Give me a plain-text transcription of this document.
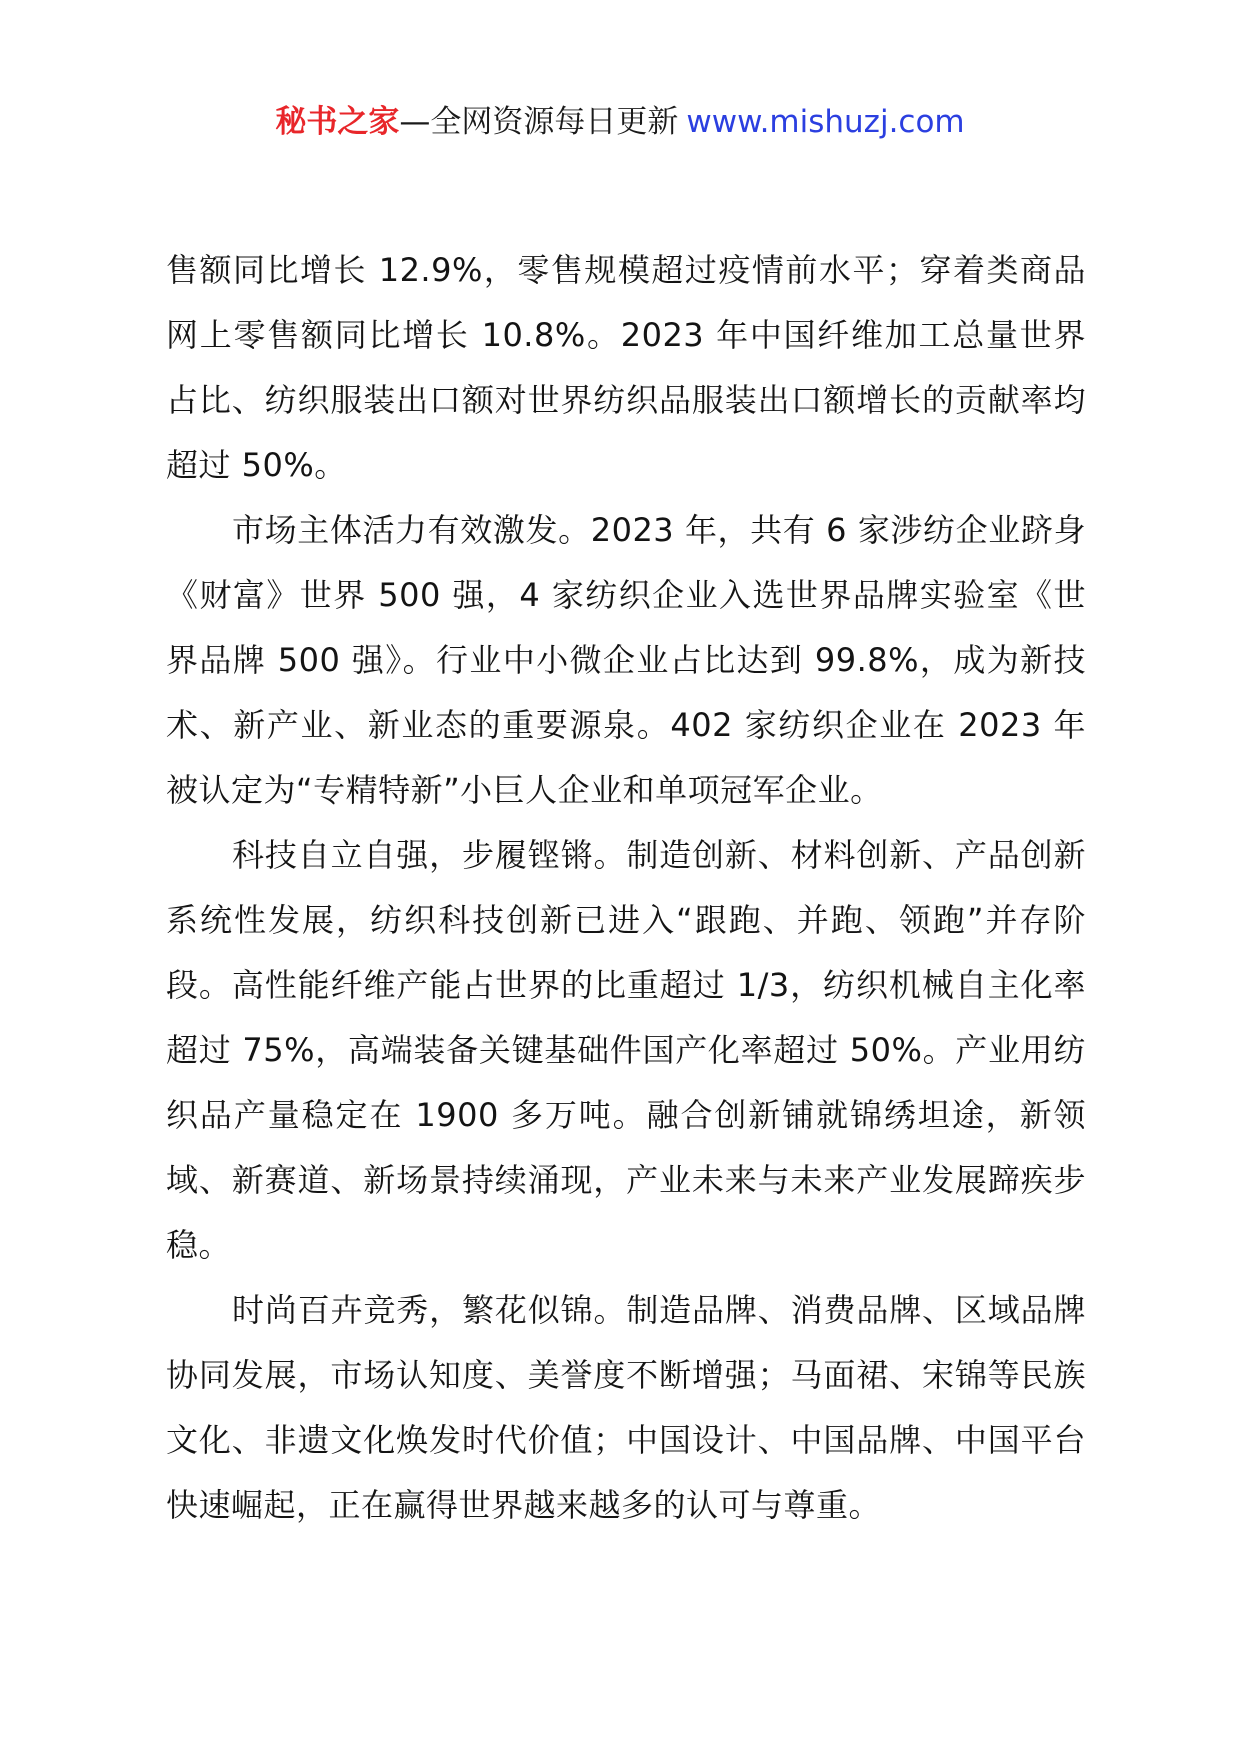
秘书之家—全网资源每日更新 www.mishuzj.com

售额同比增长 12.9%，零售规模超过疫情前水平；穿着类商品网上零售额同比增长 10.8%。2023 年中国纤维加工总量世界占比、纺织服装出口额对世界纺织品服装出口额增长的贡献率均超过 50%。

市场主体活力有效激发。2023 年，共有 6 家涉纺企业跻身《财富》世界 500 强，4 家纺织企业入选世界品牌实验室《世界品牌 500 强》。行业中小微企业占比达到 99.8%，成为新技术、新产业、新业态的重要源泉。402 家纺织企业在 2023 年被认定为“专精特新”小巨人企业和单项冠军企业。

科技自立自强，步履铿锵。制造创新、材料创新、产品创新系统性发展，纺织科技创新已进入“跟跑、并跑、领跑”并存阶段。高性能纤维产能占世界的比重超过 1/3，纺织机械自主化率超过 75%，高端装备关键基础件国产化率超过 50%。产业用纺织品产量稳定在 1900 多万吨。融合创新铺就锦绣坦途，新领域、新赛道、新场景持续涌现，产业未来与未来产业发展蹄疾步稳。

时尚百卉竞秀，繁花似锦。制造品牌、消费品牌、区域品牌协同发展，市场认知度、美誉度不断增强；马面裙、宋锦等民族文化、非遗文化焕发时代价值；中国设计、中国品牌、中国平台快速崛起，正在赢得世界越来越多的认可与尊重。
